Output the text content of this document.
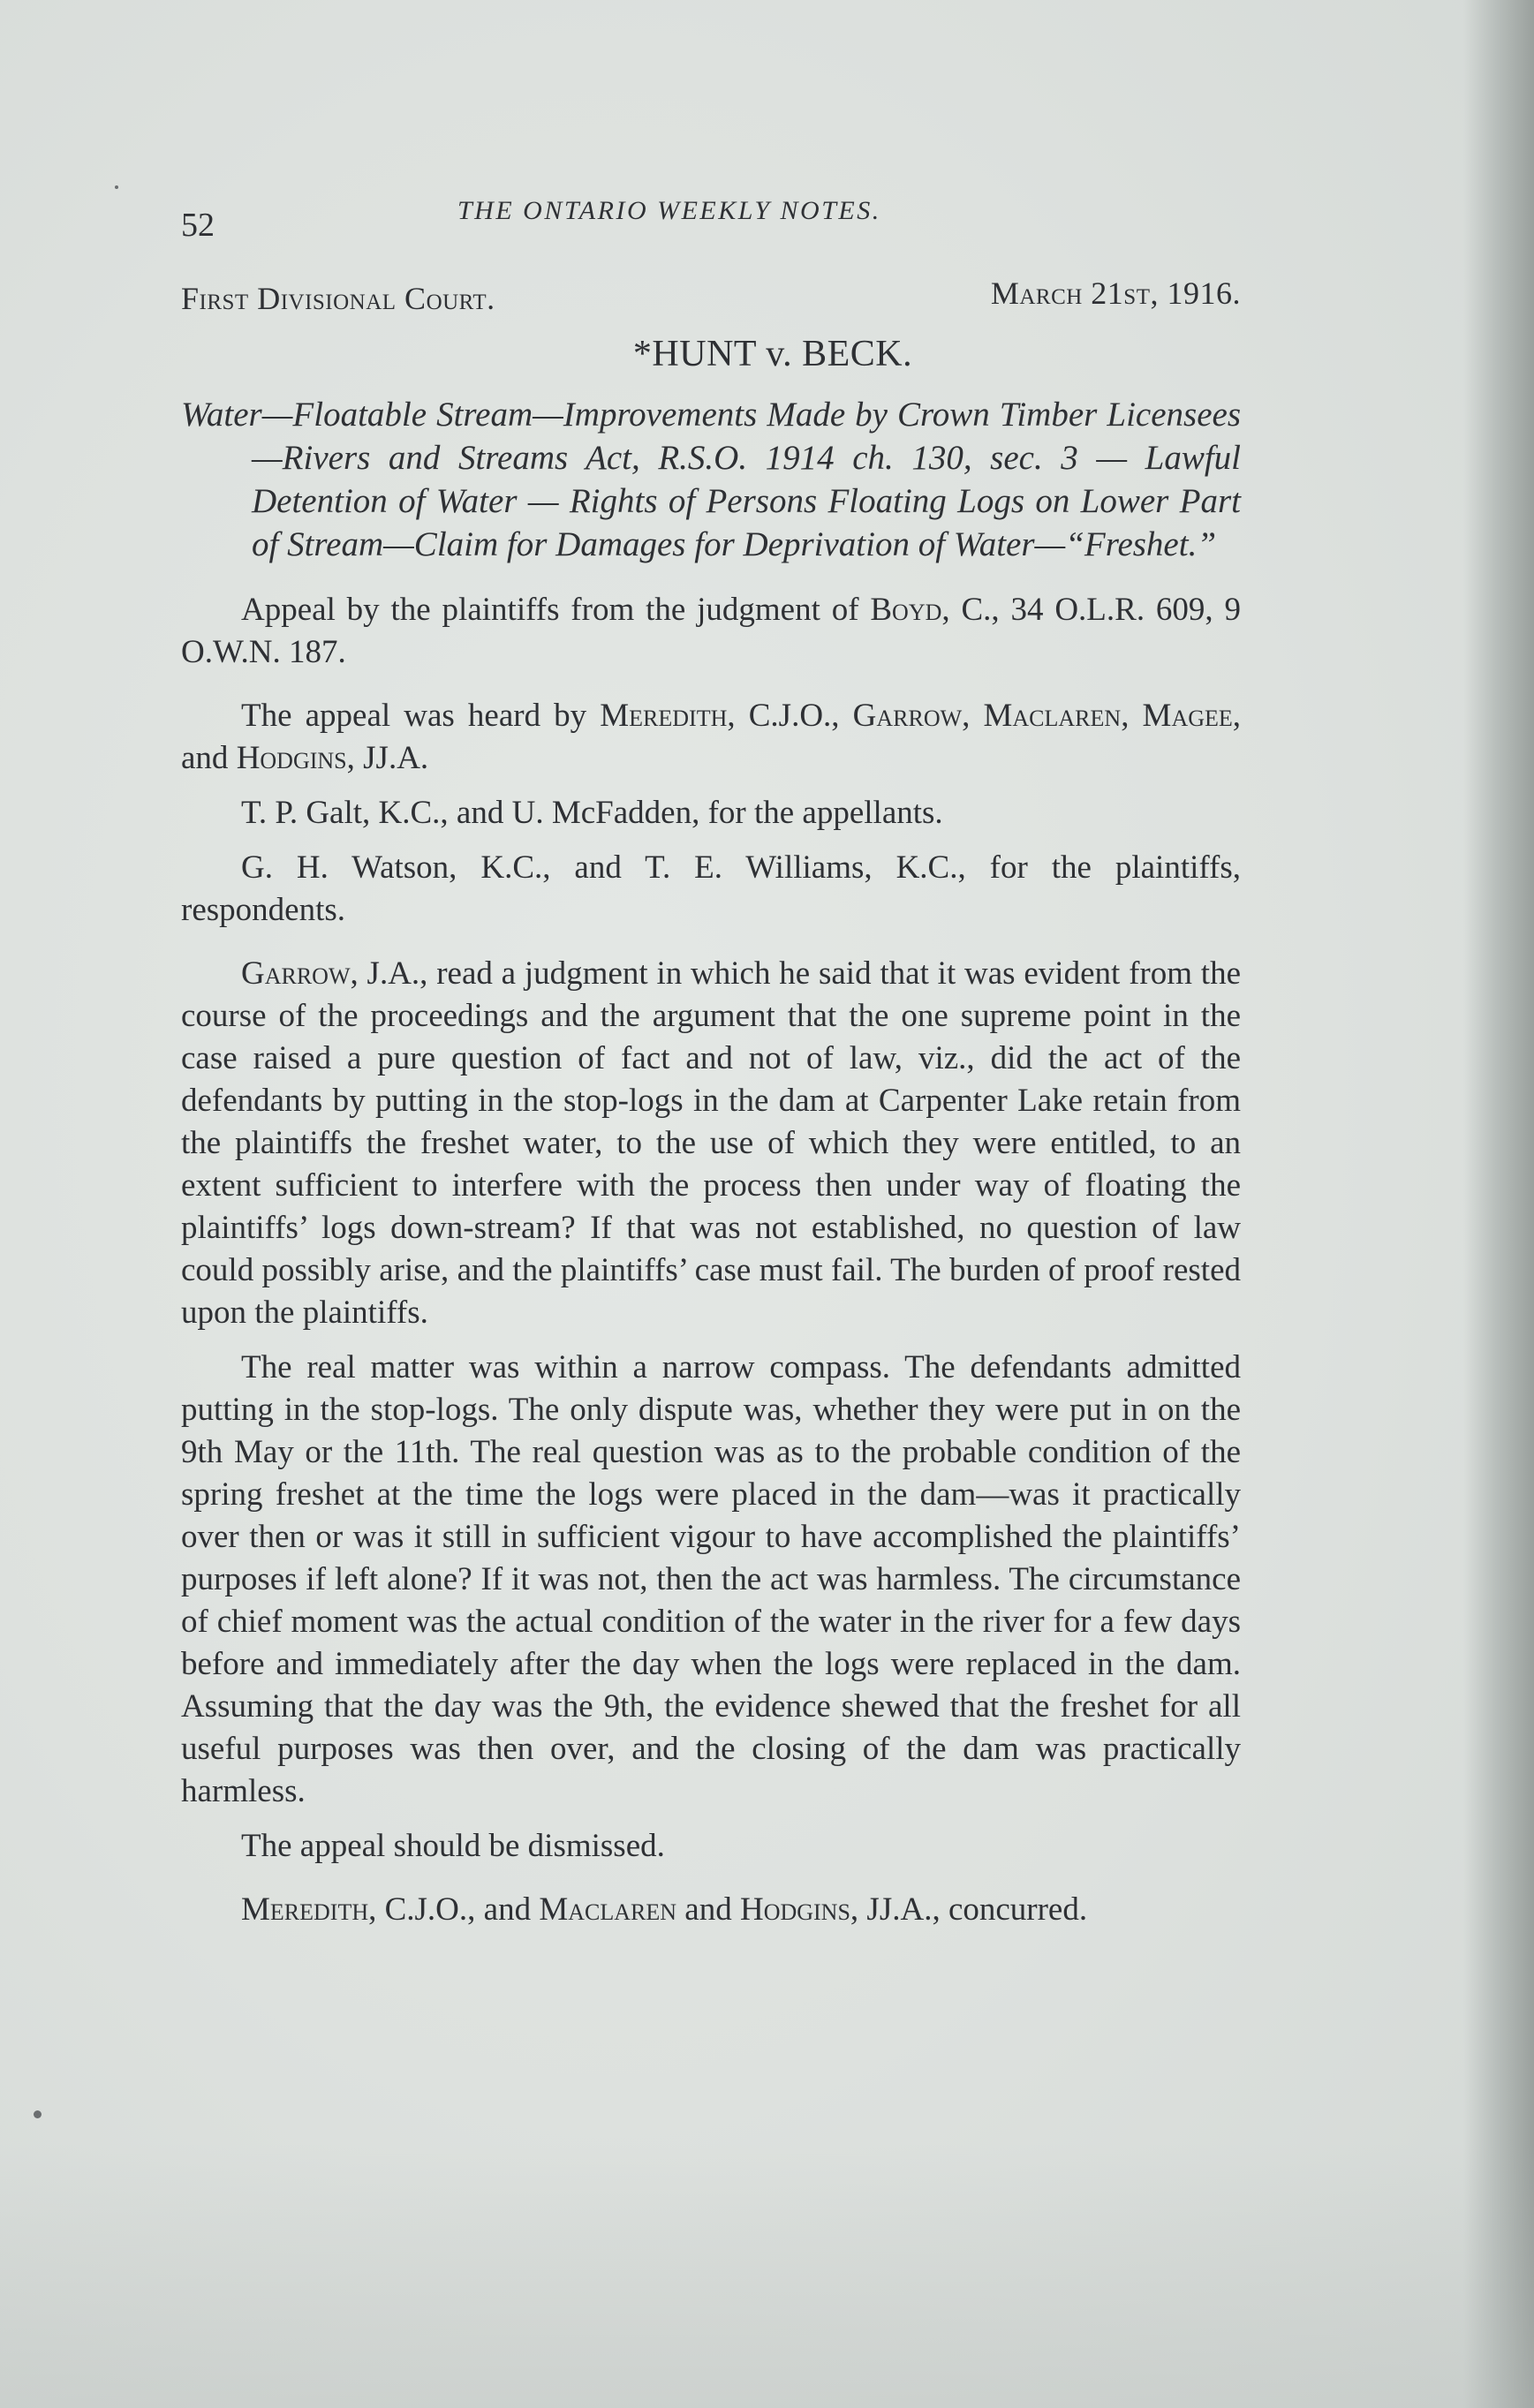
52	THE ONTARIO WEEKLY NOTES.
First Divisional Court.	March 21st, 1916.
*HUNT v. BECK.

Water—Floatable Stream—Improvements Made by Crown Timber Licensees—Rivers and Streams Act, R.S.O. 1914 ch. 130, sec. 3 — Lawful Detention of Water — Rights of Persons Floating Logs on Lower Part of Stream—Claim for Damages for Deprivation of Water—“Freshet.”

Appeal by the plaintiffs from the judgment of Boyd, C., 34 O.L.R. 609, 9 O.W.N. 187.

The appeal was heard by Meredith, C.J.O., Garrow, Maclaren, Magee, and Hodgins, JJ.A.

T. P. Galt, K.C., and U. McFadden, for the appellants.

G. H. Watson, K.C., and T. E. Williams, K.C., for the plaintiffs, respondents.

Garrow, J.A., read a judgment in which he said that it was evident from the course of the proceedings and the argument that the one supreme point in the case raised a pure question of fact and not of law, viz., did the act of the defendants by putting in the stop-logs in the dam at Carpenter Lake retain from the plaintiffs the freshet water, to the use of which they were entitled, to an extent sufficient to interfere with the process then under way of floating the plaintiffs’ logs down-stream? If that was not established, no question of law could possibly arise, and the plaintiffs’ case must fail. The burden of proof rested upon the plaintiffs.

The real matter was within a narrow compass. The defendants admitted putting in the stop-logs. The only dispute was, whether they were put in on the 9th May or the 11th. The real question was as to the probable condition of the spring freshet at the time the logs were placed in the dam—was it practically over then or was it still in sufficient vigour to have accomplished the plaintiffs’ purposes if left alone? If it was not, then the act was harmless. The circumstance of chief moment was the actual condition of the water in the river for a few days before and immediately after the day when the logs were replaced in the dam. Assuming that the day was the 9th, the evidence shewed that the freshet for all useful purposes was then over, and the closing of the dam was practically harmless.

The appeal should be dismissed.

Meredith, C.J.O., and Maclaren and Hodgins, JJ.A., concurred.
